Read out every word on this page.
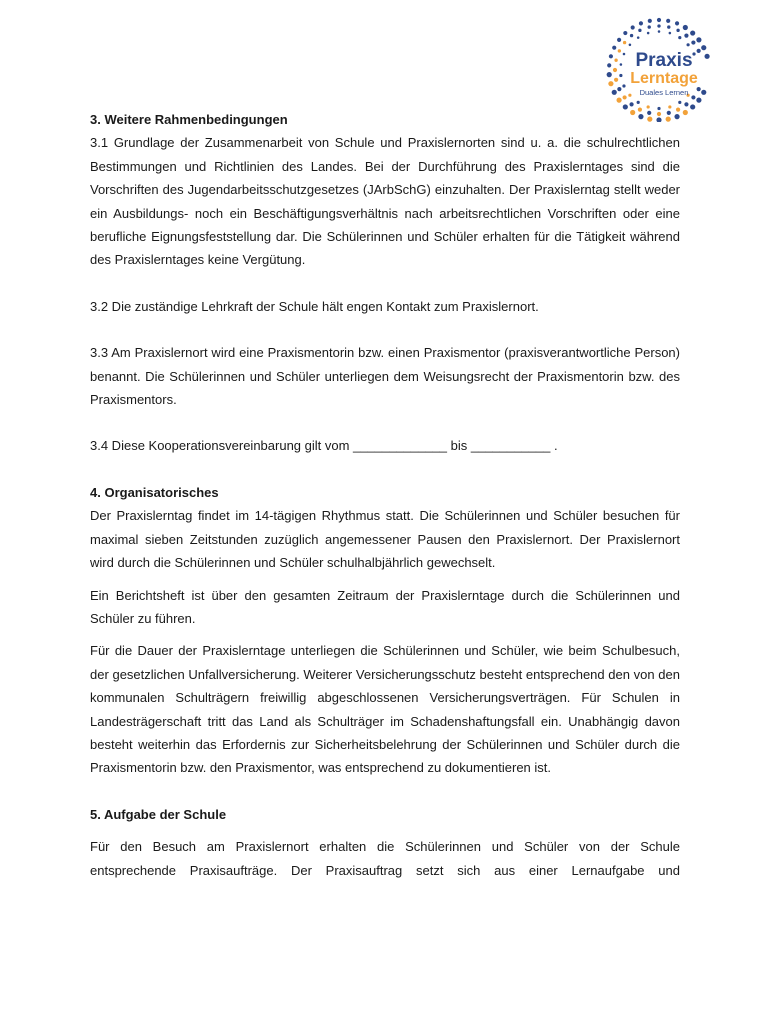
Praxis
Lerntage
Duales Lernen
3. Weitere Rahmenbedingungen

3.1 Grundlage der Zusammenarbeit von Schule und Praxislernorten sind u. a. die schulrechtlichen Bestimmungen und Richtlinien des Landes. Bei der Durchführung des Praxislerntages sind die Vorschriften des Jugendarbeitsschutzgesetzes (JArbSchG) einzuhalten. Der Praxislerntag stellt weder ein Ausbildungs- noch ein Beschäftigungsverhältnis nach arbeitsrechtlichen Vorschriften oder eine berufliche Eignungsfeststellung dar. Die Schülerinnen und Schüler erhalten für die Tätigkeit während des Praxislerntages keine Vergütung.

3.2 Die zuständige Lehrkraft der Schule hält engen Kontakt zum Praxislernort.

3.3 Am Praxislernort wird eine Praxismentorin bzw. einen Praxismentor (praxisverantwortliche Person) benannt. Die Schülerinnen und Schüler unterliegen dem Weisungsrecht der Praxismentorin bzw. des Praxismentors.

3.4 Diese Kooperationsvereinbarung gilt vom _____________ bis ___________ .

4. Organisatorisches

Der Praxislerntag findet im 14-tägigen Rhythmus statt. Die Schülerinnen und Schüler besuchen für maximal sieben Zeitstunden zuzüglich angemessener Pausen den Praxislernort. Der Praxislernort wird durch die Schülerinnen und Schüler schulhalbjährlich gewechselt.

Ein Berichtsheft ist über den gesamten Zeitraum der Praxislerntage durch die Schülerinnen und Schüler zu führen.

Für die Dauer der Praxislerntage unterliegen die Schülerinnen und Schüler, wie beim Schulbesuch, der gesetzlichen Unfallversicherung. Weiterer Versicherungsschutz besteht entsprechend den von den kommunalen Schulträgern freiwillig abgeschlossenen Versicherungsverträgen. Für Schulen in Landesträgerschaft tritt das Land als Schulträger im Schadenshaftungsfall ein. Unabhängig davon besteht weiterhin das Erfordernis zur Sicherheitsbelehrung der Schülerinnen und Schüler durch die Praxismentorin bzw. den Praxismentor, was entsprechend zu dokumentieren ist.

5. Aufgabe der Schule

Für den Besuch am Praxislernort erhalten die Schülerinnen und Schüler von der Schule entsprechende Praxisaufträge. Der Praxisauftrag setzt sich aus einer Lernaufgabe und
